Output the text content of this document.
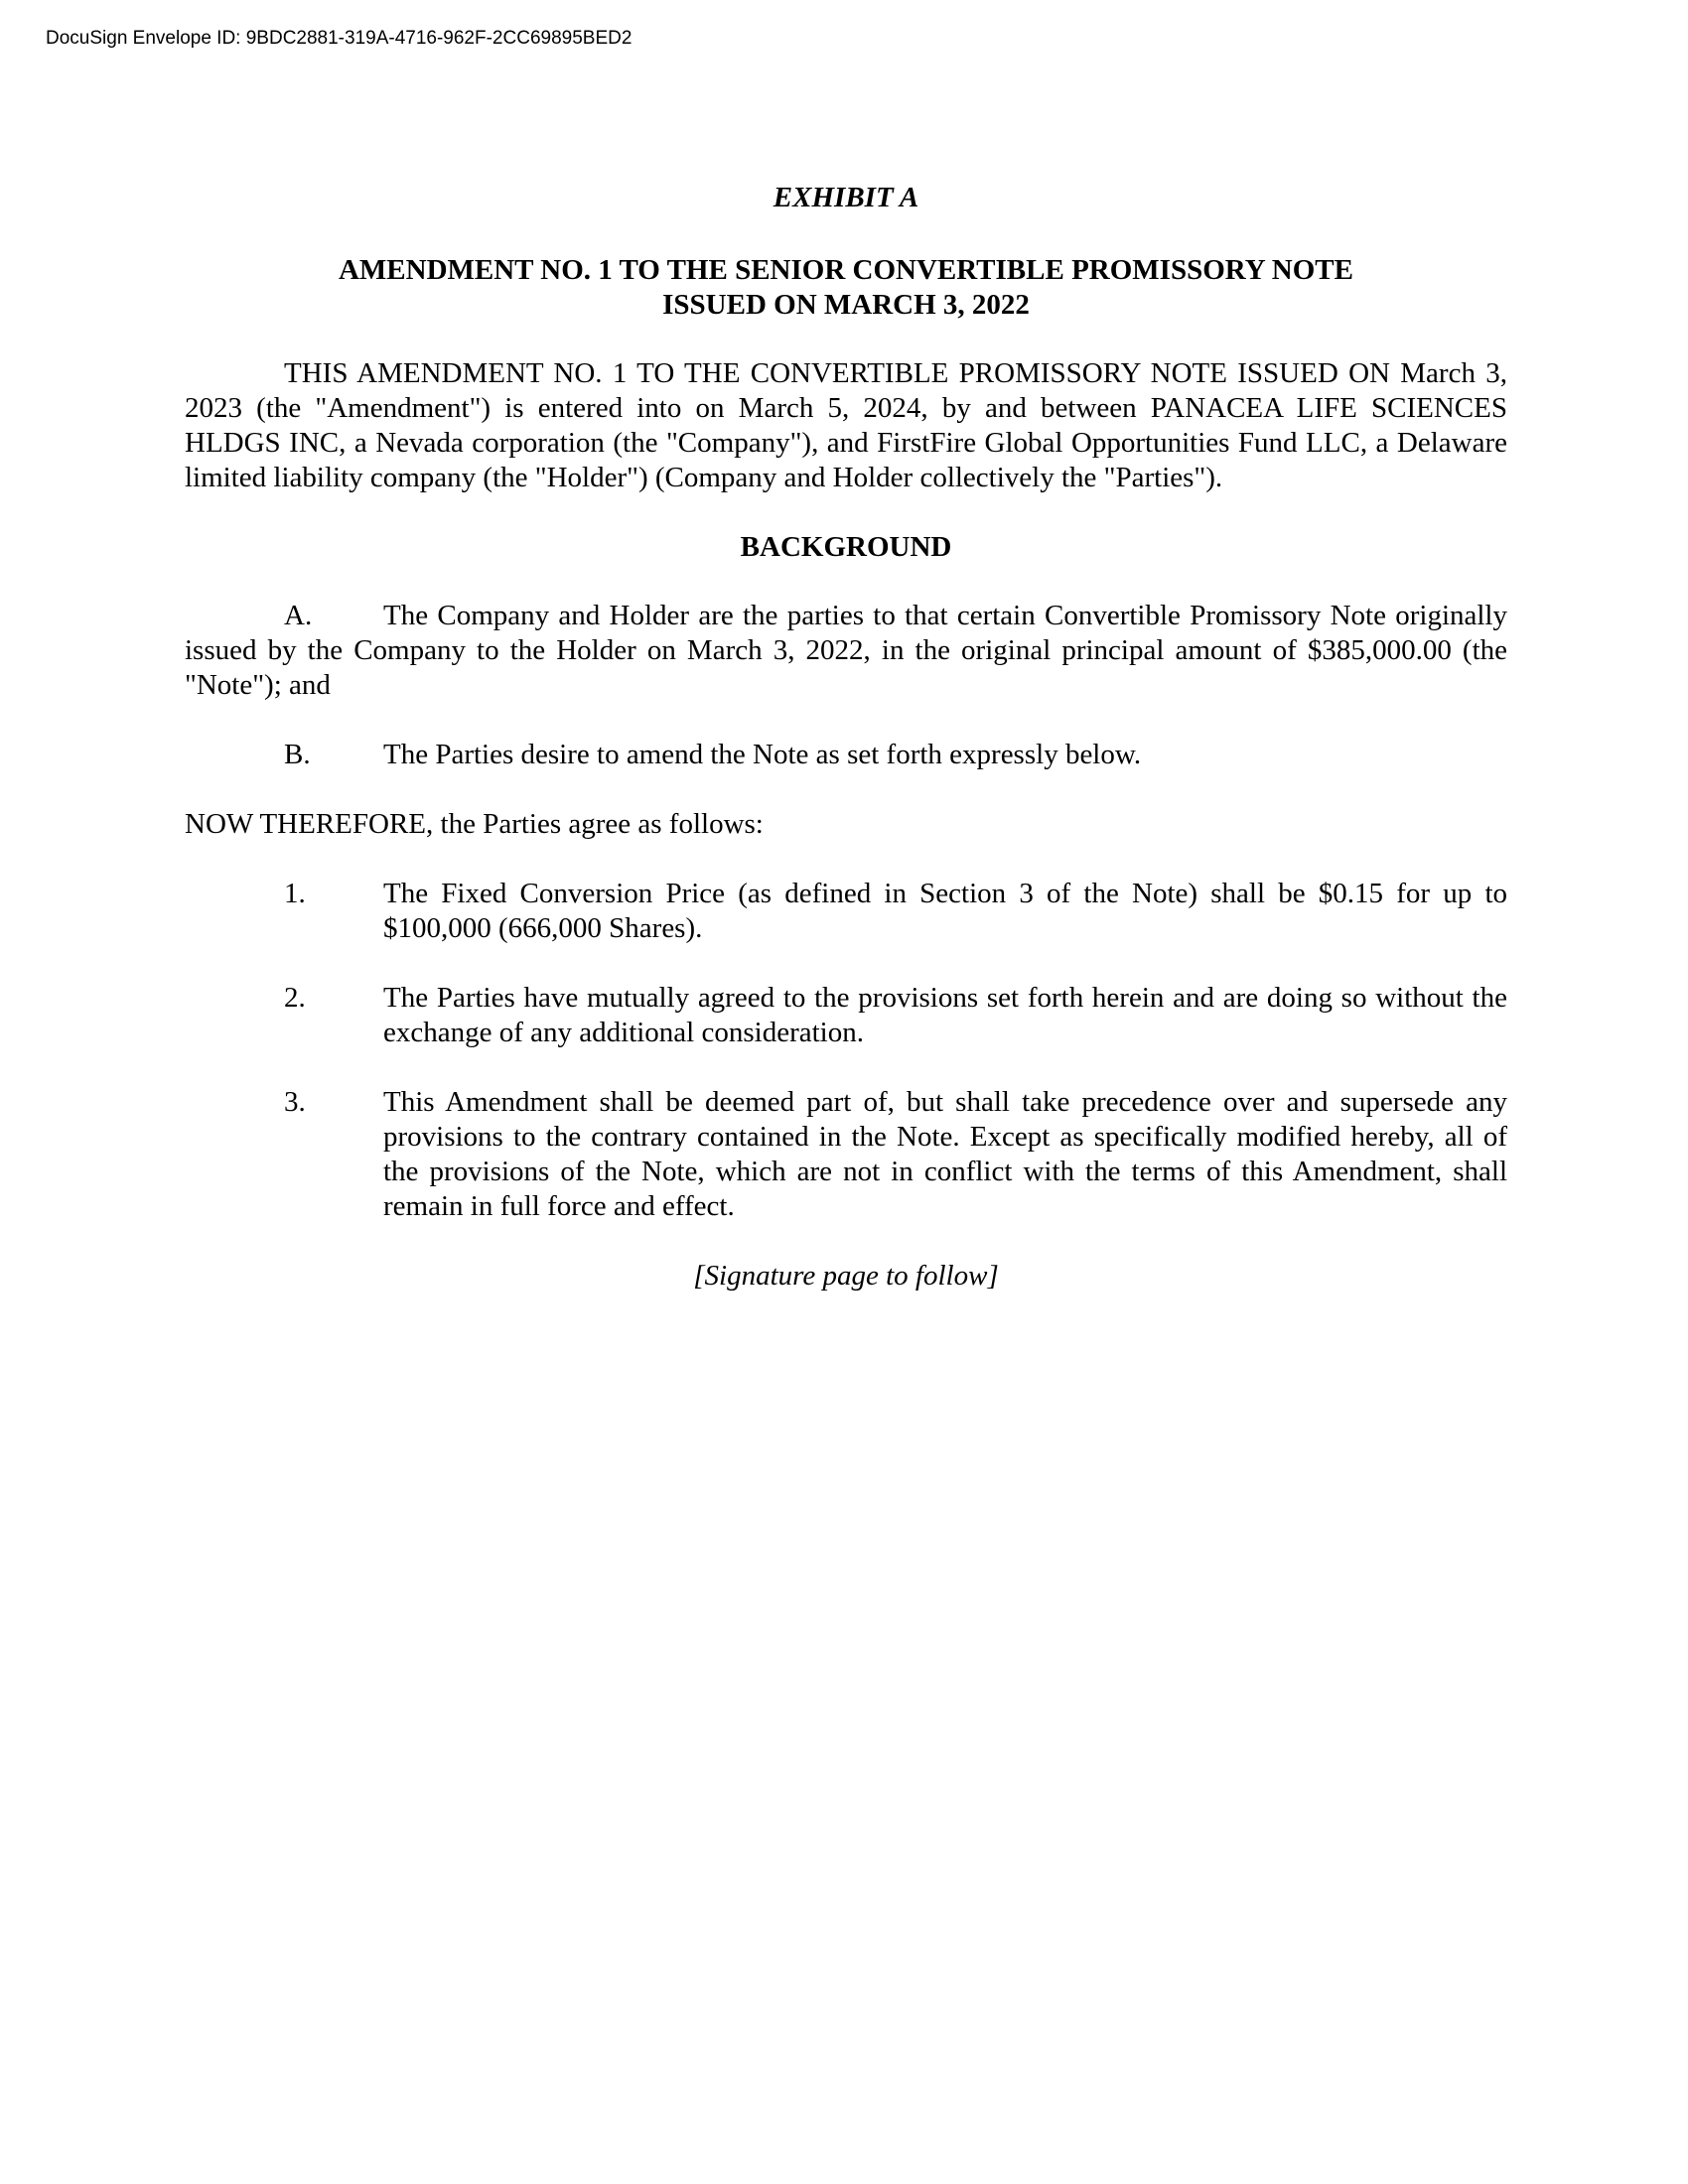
DocuSign Envelope ID: 9BDC2881-319A-4716-962F-2CC69895BED2
EXHIBIT A
AMENDMENT NO. 1 TO THE SENIOR CONVERTIBLE PROMISSORY NOTE
ISSUED ON MARCH 3, 2022

THIS AMENDMENT NO. 1 TO THE CONVERTIBLE PROMISSORY NOTE ISSUED ON March 3, 2023 (the "Amendment") is entered into on March 5, 2024, by and between PANACEA LIFE SCIENCES HLDGS INC, a Nevada corporation (the "Company"), and FirstFire Global Opportunities Fund LLC, a Delaware limited liability company (the "Holder") (Company and Holder collectively the "Parties").

BACKGROUND

A. The Company and Holder are the parties to that certain Convertible Promissory Note originally issued by the Company to the Holder on March 3, 2022, in the original principal amount of $385,000.00 (the "Note"); and

B.	The Parties desire to amend the Note as set forth expressly below.

NOW THEREFORE, the Parties agree as follows:

1.	The Fixed Conversion Price (as defined in Section 3 of the Note) shall be $0.15 for up to $100,000 (666,000 Shares).
2.	The Parties have mutually agreed to the provisions set forth herein and are doing so without the exchange of any additional consideration.
3.	This Amendment shall be deemed part of, but shall take precedence over and supersede any provisions to the contrary contained in the Note. Except as specifically modified hereby, all of the provisions of the Note, which are not in conflict with the terms of this Amendment, shall remain in full force and effect.
[Signature page to follow]
